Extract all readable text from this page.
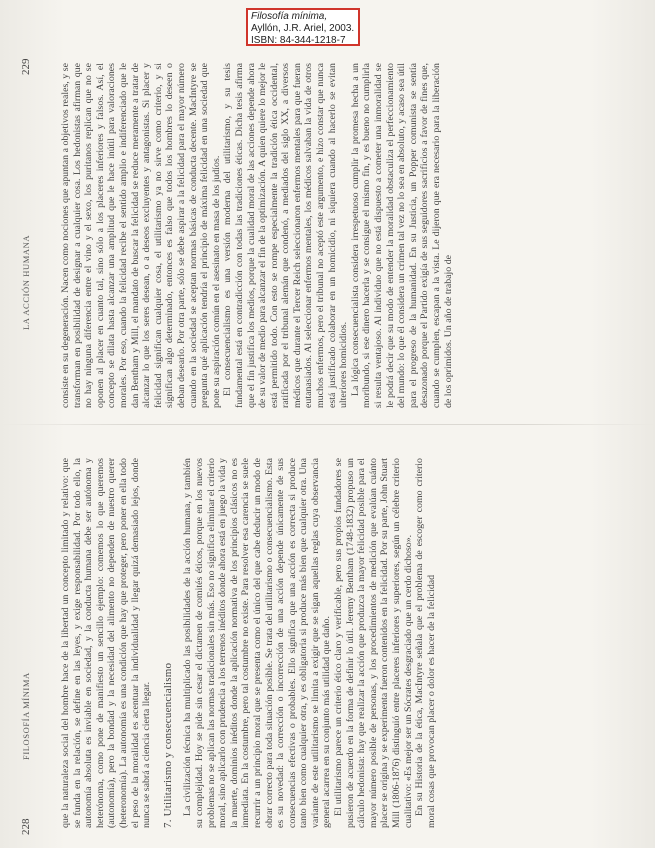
Filosofía mínima,
Ayllón, J.R. Ariel, 2003.
ISBN: 84-344-1218-7
228
FILOSOFÍA MÍNIMA	que la naturaleza social del hombre hace de la libertad un concepto limitado y relativo: que se funda en la relación, se define en las leyes, y exige responsabilidad. Por todo ello, la autonomía absoluta es inviable en sociedad, y la conducta humana debe ser autónoma y heterónoma, como pone de manifiesto un sencillo ejemplo: comemos lo que queremos (autonomía), pero la bondad y la necesidad del alimento no dependen de nuestro querer (heteronomía). La autonomía es una condición que hay que proteger, pero poner en ella todo el peso de la moralidad es acentuar la individualidad y llegar quizá demasiado lejos, donde nunca se sabrá a ciencia cierta llegar. 7. Utilitarismo y consecuencialismo La civilización técnica ha multiplicado las posibilidades de la acción humana, y también su complejidad. Hoy se pide sin cesar el dictamen de comités éticos, porque en los nuevos problemas no se aplican las normas tradicionales sin más. Eso no significa eliminar el criterio moral, sino aplicarlo con prudencia a los terrenos inéditos donde ahora está en juego la vida y la muerte, dominios inéditos donde la aplicación normativa de los principios clásicos no es inmediata. En la costumbre, pero tal costumbre no existe. Para resolver esa carencia se suele recurrir a un principio moral que se presenta como el único del que cabe deducir un modo de obrar correcto para toda situación posible. Se trata del utilitarismo o consecuencialismo. Esta es su novedad: la corrección o incorrección de una acción depende únicamente de sus consecuencias efectivas o probables. Ello significa que una acción es correcta si produce tanto bien como cualquier otra, y es obligatoria si produce más bien que cualquier otra. Una variante de este utilitarismo se limita a exigir que se sigan aquellas reglas cuya observancia general acarrea en su conjunto más utilidad que daño. El utilitarismo parece un criterio ético claro y verificable, pero sus propios fundadores se pusieron de acuerdo en la forma de definir lo útil. Jeremy Bentham (1748-1832) propuso un cálculo hedonista: hay que realizar la acción que produzca la mayor felicidad posible para el mayor número posible de personas, y los procedimientos de medición que evalúan cuánto placer se origina y se experimenta fueron contenidos en la felicidad. Por su parte, John Stuart Mill (1806-1876) distinguió entre placeres inferiores y superiores, según un célebre criterio cualitativo: «Es mejor ser un Sócrates desgraciado que un cerdo dichoso». En su Historia de la ética, MacIntyre señala que el problema de escoger como criterio moral cosas que provocan placer o dolor es hacer de la felicidad

229
LA ACCIÓN HUMANA	consiste en su degeneración. Nacen como nociones que apuntan a objetivos reales, y se transforman en posibilidad de designar a cualquier cosa. Los hedonistas afirman que no hay ninguna diferencia entre el vino y el sexo, los puritanos replican que no se oponen al placer en cuanto tal, sino sólo a los placeres inferiores y falsos. Así, el concepto se dilata hasta alcanzar una amplitud que le hace inútil para valoraciones morales. Por eso, cuando la felicidad recibe el sentido amplio e indiferenciado que le dan Bentham y Mill, el mandato de buscar la felicidad se reduce meramente a tratar de alcanzar lo que los seres desean, o a deseos excluyentes y antagonistas. Si placer y felicidad significan cualquier cosa, el utilitarismo ya no sirve como criterio, y si significan algo determinado, entonces es falso que todos los hombres lo deseen o deban desearlo. Por otra parte, sólo se debe aspirar a la felicidad para el mayor número cuando en la sociedad se aceptan normas básicas de conducta decente. MacIntyre se pregunta qué aplicación tendría el principio de máxima felicidad en una sociedad que pone su aspiración común en el asesinato en masa de los judíos. El consecuencialismo es una versión moderna del utilitarismo, y su tesis fundamental está en contradicción con todas las tradiciones éticas. Dicha tesis afirma que el fin justifica los medios, porque la cualidad moral de las acciones depende ahora de su valor de medio para alcanzar el fin de la optimización. A quien quiere lo mejor le está permitido todo. Con esto se rompe especialmente la tradición ética occidental, ratificada por el tribunal alemán que condenó, a mediados del siglo XX, a diversos médicos que durante el Tercer Reich seleccionaron enfermos mentales para que fueran eutanasiados. Al seleccionar enfermos mentales, los médicos salvaban la vida de otros muchos enfermos, pero el tribunal no aceptó este argumento, e hizo constar que nunca está justificado colaborar en un homicidio, ni siquiera cuando al hacerlo se evitan ulteriores homicidios. La lógica consecuencialista considera irrespetuoso cumplir la promesa hecha a un moribundo, si ese dinero hacerla y se consigue el mismo fin, y es bueno no cumplirla si resulta ventajoso. Al individuo que no está dispuesto a cometer una inmoralidad se le podrá decir que su modo de entender la moralidad obstaculiza el perfeccionamiento del mundo: lo que él considera un crimen tal vez no lo sea en absoluto, y acaso sea útil para el progreso de la humanidad. En su Justicia, un Popper comunista se sentía desazonado porque el Partido exigía de sus seguidores sacrificios a favor de fines que, cuando se cumplen, escapan a la vista. Le dijeron que era necesario para la liberación de los oprimidos. Un año de trabajo de
